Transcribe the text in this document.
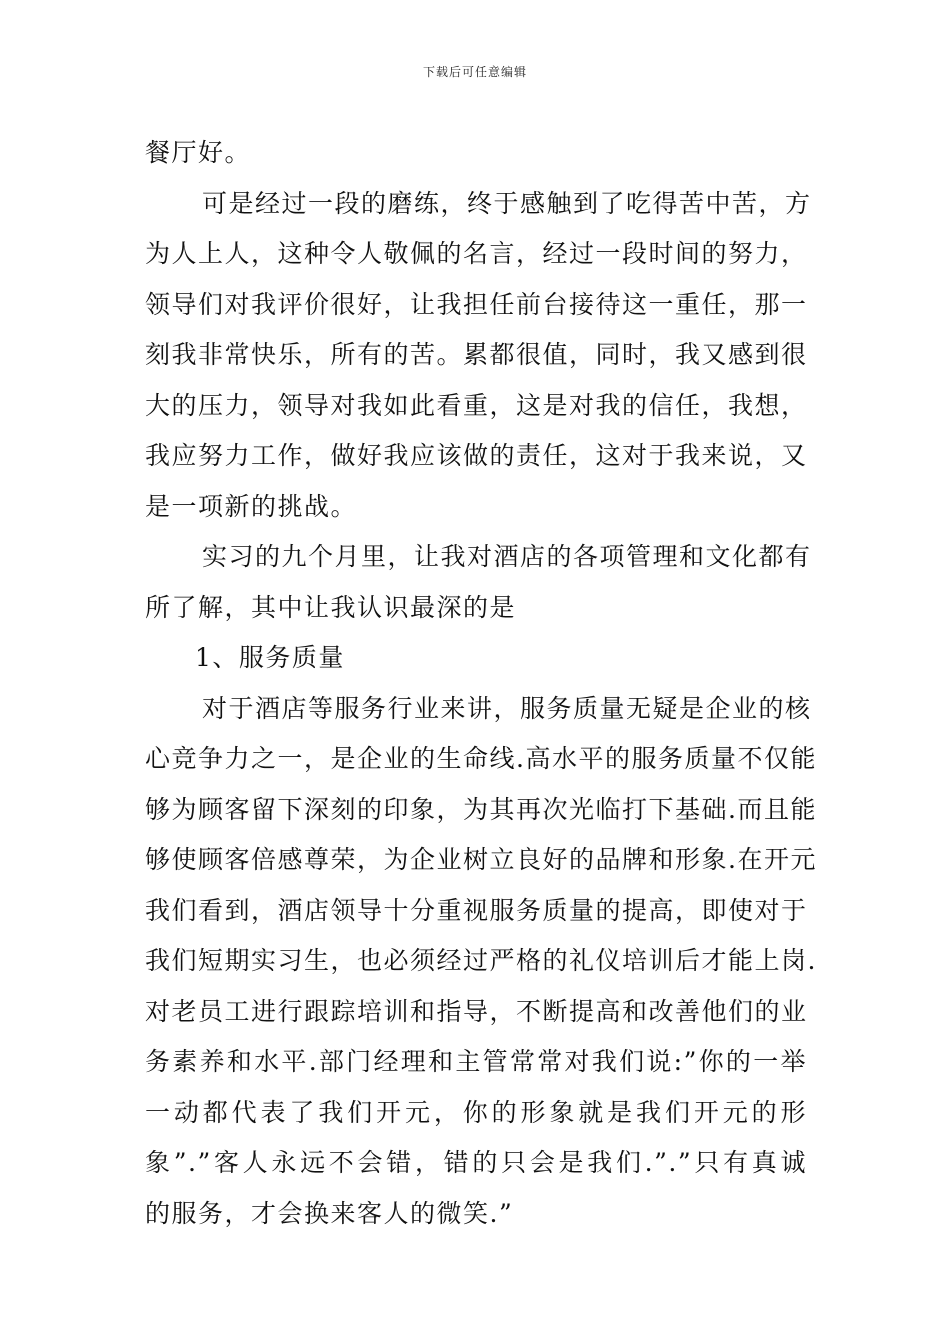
下载后可任意编辑
餐厅好。
可是经过一段的磨练，终于感触到了吃得苦中苦，方
为人上人，这种令人敬佩的名言，经过一段时间的努力，
领导们对我评价很好，让我担任前台接待这一重任，那一
刻我非常快乐，所有的苦。累都很值，同时，我又感到很
大的压力，领导对我如此看重，这是对我的信任，我想，
我应努力工作，做好我应该做的责任，这对于我来说，又
是一项新的挑战。
实习的九个月里，让我对酒店的各项管理和文化都有
所了解，其中让我认识最深的是
1、服务质量
对于酒店等服务行业来讲，服务质量无疑是企业的核
心竞争力之一，是企业的生命线.高水平的服务质量不仅能
够为顾客留下深刻的印象，为其再次光临打下基础.而且能
够使顾客倍感尊荣，为企业树立良好的品牌和形象.在开元
我们看到，酒店领导十分重视服务质量的提高，即使对于
我们短期实习生，也必须经过严格的礼仪培训后才能上岗.
对老员工进行跟踪培训和指导，不断提高和改善他们的业
务素养和水平.部门经理和主管常常对我们说:”你的一举
一动都代表了我们开元，你的形象就是我们开元的形
象”.”客人永远不会错，错的只会是我们.”.”只有真诚
的服务，才会换来客人的微笑.”
